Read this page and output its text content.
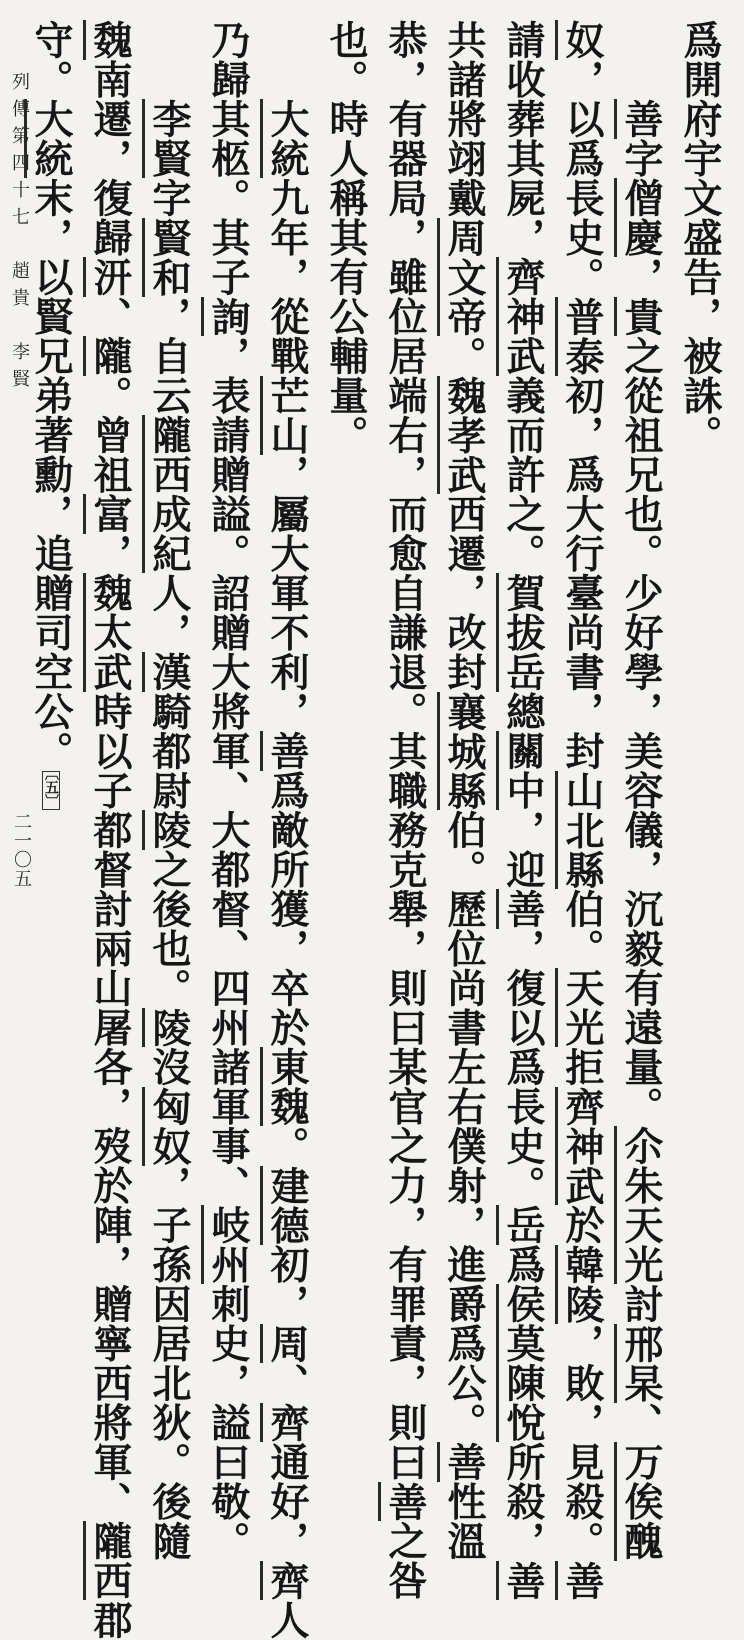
爲開府宇文盛告，被誅。
　　善字僧慶，貴之從祖兄也。少好學，美容儀，沉毅有遠量。尒朱天光討邢杲、万俟醜
奴，以爲長史。普泰初，爲大行臺尚書，封山北縣伯。天光拒齊神武於韓陵，敗，見殺。善
請收葬其屍，齊神武義而許之。賀拔岳總關中，迎善，復以爲長史。岳爲侯莫陳悅所殺，善
共諸將翊戴周文帝。魏孝武西遷，改封襄城縣伯。歷位尚書左右僕射，進爵爲公。善性溫
恭，有器局，雖位居端右，而愈自謙退。其職務克舉，則曰某官之力，有罪責，則曰善之咎
也。時人稱其有公輔量。
　　大統九年，從戰芒山，屬大軍不利，善爲敵所獲，卒於東魏。建德初，周、齊通好，齊人
乃歸其柩。其子詢，表請贈謚。詔贈大將軍、大都督、四州諸軍事、岐州刺史，謚曰敬。
　　李賢字賢和，自云隴西成紀人，漢騎都尉陵之後也。陵沒匈奴，子孫因居北狄。後隨
魏南遷，復歸汧、隴。曾祖富，魏太武時以子都督討兩山屠各，歿於陣，贈寧西將軍、隴西郡
守。大統末，以賢兄弟著勳，追贈司空公。〔五〕
列傳第四十七　趙貴　李賢
二一〇五
